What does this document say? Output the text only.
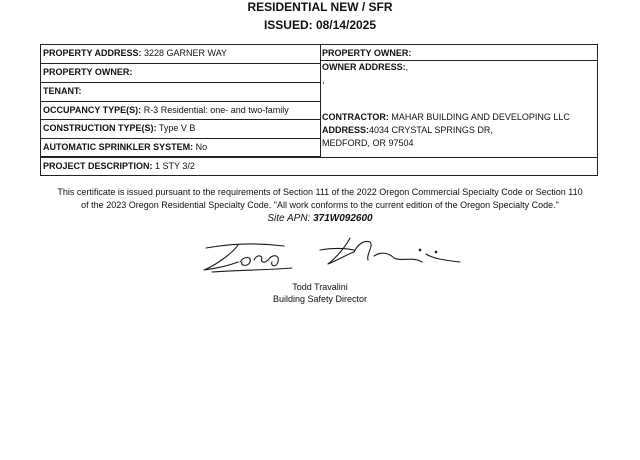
RESIDENTIAL NEW / SFR
ISSUED: 08/14/2025
PROPERTY ADDRESS: 3228 GARNER WAY
PROPERTY OWNER:
TENANT:
OCCUPANCY TYPE(S): R-3 Residential: one- and two-family
CONSTRUCTION TYPE(S): Type V B
AUTOMATIC SPRINKLER SYSTEM: No
PROPERTY OWNER:
OWNER ADDRESS:,
,
CONTRACTOR: MAHAR BUILDING AND DEVELOPING LLC
ADDRESS:4034 CRYSTAL SPRINGS DR,
MEDFORD, OR 97504
PROJECT DESCRIPTION: 1 STY 3/2
This certificate is issued pursuant to the requirements of Section 111 of the 2022 Oregon Commercial Specialty Code or Section 110
of the 2023 Oregon Residential Specialty Code. "All work conforms to the current edition of the Oregon Specialty Code."
Site APN: 371W092600
Todd Travalini
Building Safety Director
